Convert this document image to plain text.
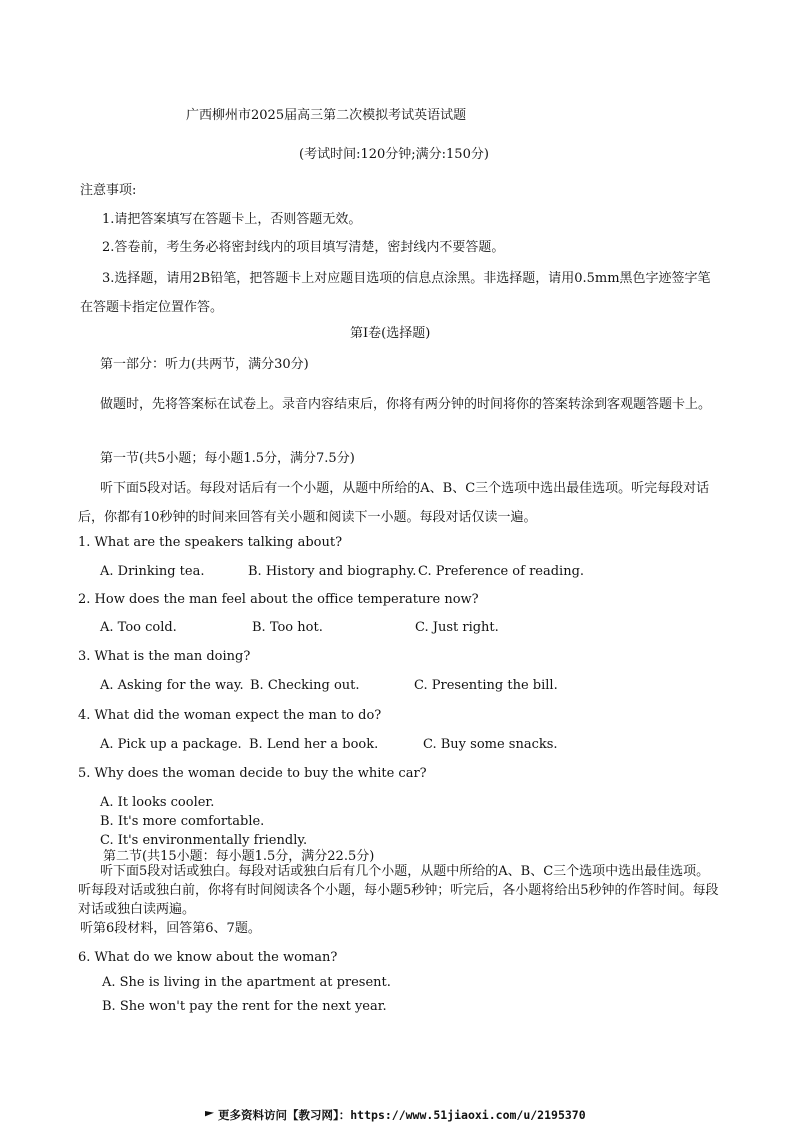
广西柳州市2025届高三第二次模拟考试英语试题
(考试时间:120分钟;满分:150分)
注意事项:
1.请把答案填写在答题卡上，否则答题无效。
2.答卷前，考生务必将密封线内的项目填写清楚，密封线内不要答题。
3.选择题，请用2B铅笔，把答题卡上对应题目选项的信息点涂黑。非选择题，请用0.5mm黑色字迹签字笔在答题卡指定位置作答。
第Ⅰ卷(选择题)
第一部分：听力(共两节，满分30分)
做题时，先将答案标在试卷上。录音内容结束后，你将有两分钟的时间将你的答案转涂到客观题答题卡上。
第一节(共5小题；每小题1.5分，满分7.5分)
听下面5段对话。每段对话后有一个小题，从题中所给的A、B、C三个选项中选出最佳选项。听完每段对话后，你都有10秒钟的时间来回答有关小题和阅读下一小题。每段对话仅读一遍。
1. What are the speakers talking about?
A. Drinking tea.	B. History and biography. C. Preference of reading.
2. How does the man feel about the office temperature now?
A. Too cold.	B. Too hot.	C. Just right.
3. What is the man doing?
A. Asking for the way. B. Checking out.	C. Presenting the bill.
4. What did the woman expect the man to do?
A. Pick up a package. B. Lend her a book.	C. Buy some snacks.
5. Why does the woman decide to buy the white car?
A. It looks cooler.
B. It's more comfortable.
C. It's environmentally friendly.
第二节(共15小题：每小题1.5分，满分22.5分)
听下面5段对话或独白。每段对话或独白后有几个小题，从题中所给的A、B、C三个选项中选出最佳选项。听每段对话或独白前，你将有时间阅读各个小题，每小题5秒钟；听完后，各小题将给出5秒钟的作答时间。每段对话或独白读两遍。
听第6段材料，回答第6、7题。
6. What do we know about the woman?
A. She is living in the apartment at present.
B. She won't pay the rent for the next year.
更多资料访问【教习网】：https://www.51jiaoxi.com/u/2195370
